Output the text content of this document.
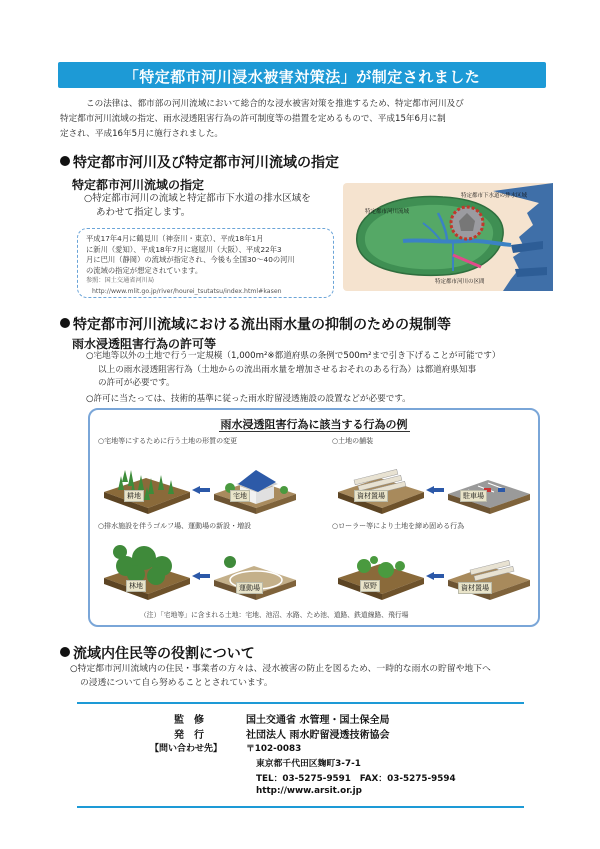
「特定都市河川浸水被害対策法」が制定されました

この法律は、都市部の河川流域において総合的な浸水被害対策を推進するため、特定都市河川及び

特定都市河川流域の指定、雨水浸透阻害行為の許可制度等の措置を定めるもので、平成15年6月に制

定され、平成16年5月に施行されました。

特定都市河川及び特定都市河川流域の指定
特定都市河川流域の指定

○特定都市河川の流域と特定都市下水道の排水区域を

あわせて指定します。

平成17年4月に鶴見川（神奈川・東京）、平成18年1月

に新川（愛知）、平成18年7月に寝屋川（大阪）、平成22年3

月に巴川（静岡）の流域が指定され、今後も全国30～40の河川

の流域の指定が想定されています。

参照：国土交通省河川局

http://www.mlit.go.jp/river/hourei_tsutatsu/index.html#kasen

特定都市河川流域
特定都市下水道の排水区域
特定都市河川の区間
特定都市河川流域における流出雨水量の抑制のための規制等
雨水浸透阻害行為の許可等

○宅地等以外の土地で行う一定規模（1,000m²※都道府県の条例で500m²まで引き下げることが可能です）

以上の雨水浸透阻害行為（土地からの流出雨水量を増加させるおそれのある行為）は都道府県知事

の許可が必要です。

○許可に当たっては、技術的基準に従った雨水貯留浸透施設の設置などが必要です。
雨水浸透阻害行為に該当する行為の例
○宅地等にするために行う土地の形質の変更	○土地の舗装
○排水施設を伴うゴルフ場、運動場の新設・増設	○ローラー等により土地を締め固める行為
耕地	宅地	資材置場	駐車場
林地	運動場	原野	資材置場
（注）「宅地等」に含まれる土地：宅地、池沼、水路、ため池、道路、鉄道線路、飛行場
流域内住民等の役割について

○特定都市河川流域内の住民・事業者の方々は、浸水被害の防止を図るため、一時的な雨水の貯留や地下へ

の浸透について自ら努めることとされています。

監　修	国土交通省 水管理・国土保全局
発　行	社団法人 雨水貯留浸透技術協会
【問い合わせ先】	〒102-0083
東京都千代田区麹町3-7-1
TEL：03-5275-9591　FAX：03-5275-9594
http://www.arsit.or.jp
